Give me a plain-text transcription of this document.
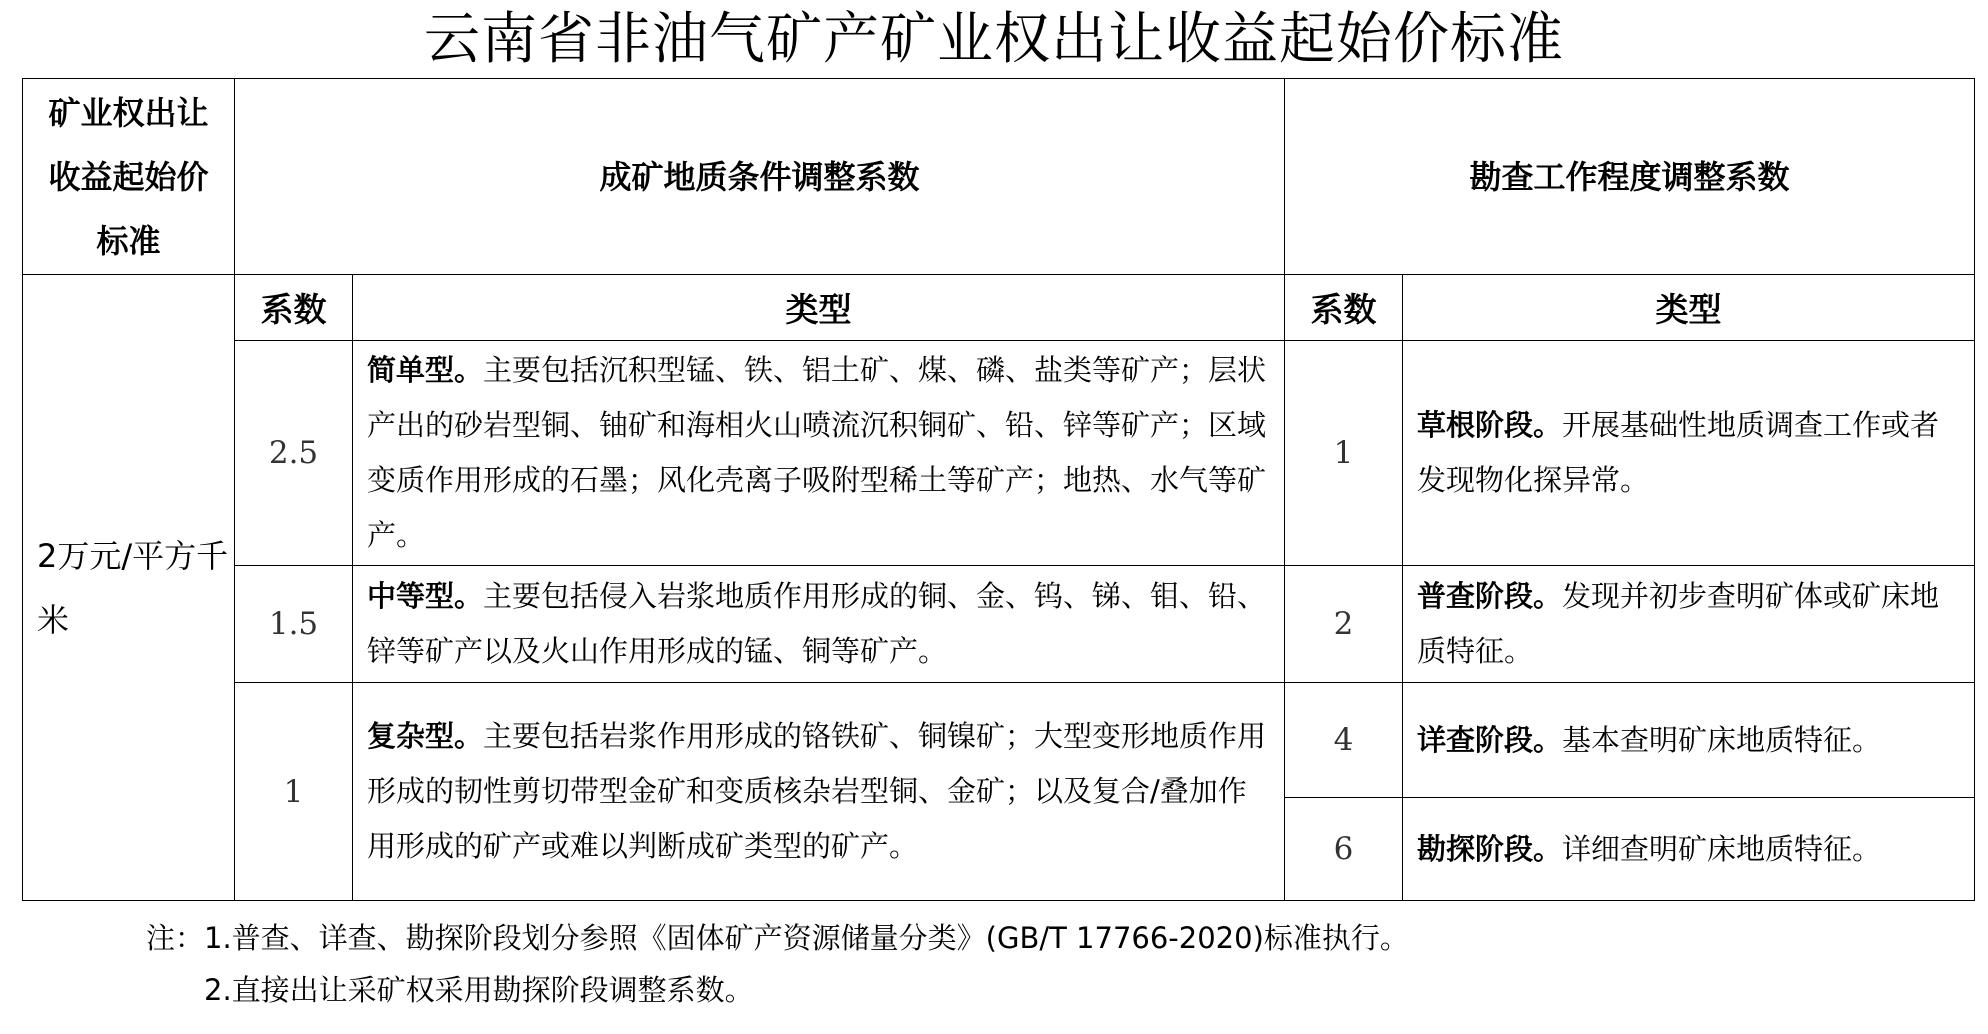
云南省非油气矿产矿业权出让收益起始价标准
矿业权出让收益起始价标准	成矿地质条件调整系数		勘查工作程度调整系数	
2万元/平方千米	系数	类型	系数	类型
	2.5	简单型。主要包括沉积型锰、铁、铝土矿、煤、磷、盐类等矿产；层状产出的砂岩型铜、铀矿和海相火山喷流沉积铜矿、铅、锌等矿产；区域变质作用形成的石墨；风化壳离子吸附型稀土等矿产；地热、水气等矿产。	1	草根阶段。开展基础性地质调查工作或者发现物化探异常。
	1.5	中等型。主要包括侵入岩浆地质作用形成的铜、金、钨、锑、钼、铅、锌等矿产以及火山作用形成的锰、铜等矿产。	2	普查阶段。发现并初步查明矿体或矿床地质特征。
	1	复杂型。主要包括岩浆作用形成的铬铁矿、铜镍矿；大型变形地质作用形成的韧性剪切带型金矿和变质核杂岩型铜、金矿；以及复合/叠加作用形成的矿产或难以判断成矿类型的矿产。	4	详查阶段。基本查明矿床地质特征。
			6	勘探阶段。详细查明矿床地质特征。
注：1.普查、详查、勘探阶段划分参照《固体矿产资源储量分类》(GB/T 17766-2020)标准执行。
2.直接出让采矿权采用勘探阶段调整系数。
